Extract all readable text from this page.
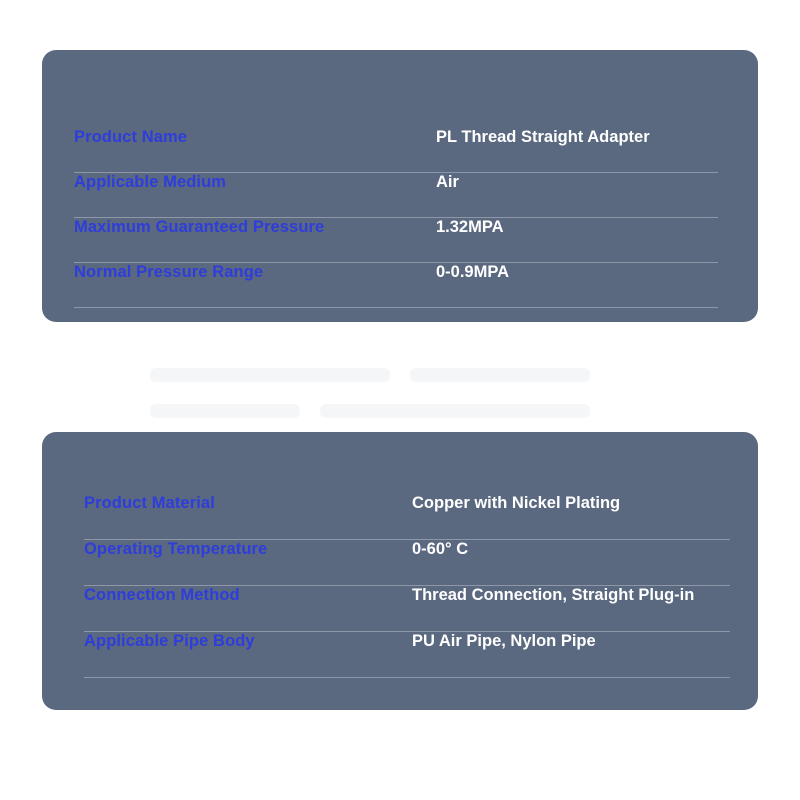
Product Name	PL Thread Straight Adapter
Applicable Medium	Air
Maximum Guaranteed Pressure	1.32MPA
Normal Pressure Range	0-0.9MPA
Product Material	Copper with Nickel Plating
Operating Temperature	0-60° C
Connection Method	Thread Connection, Straight Plug-in
Applicable Pipe Body	PU Air Pipe, Nylon Pipe
